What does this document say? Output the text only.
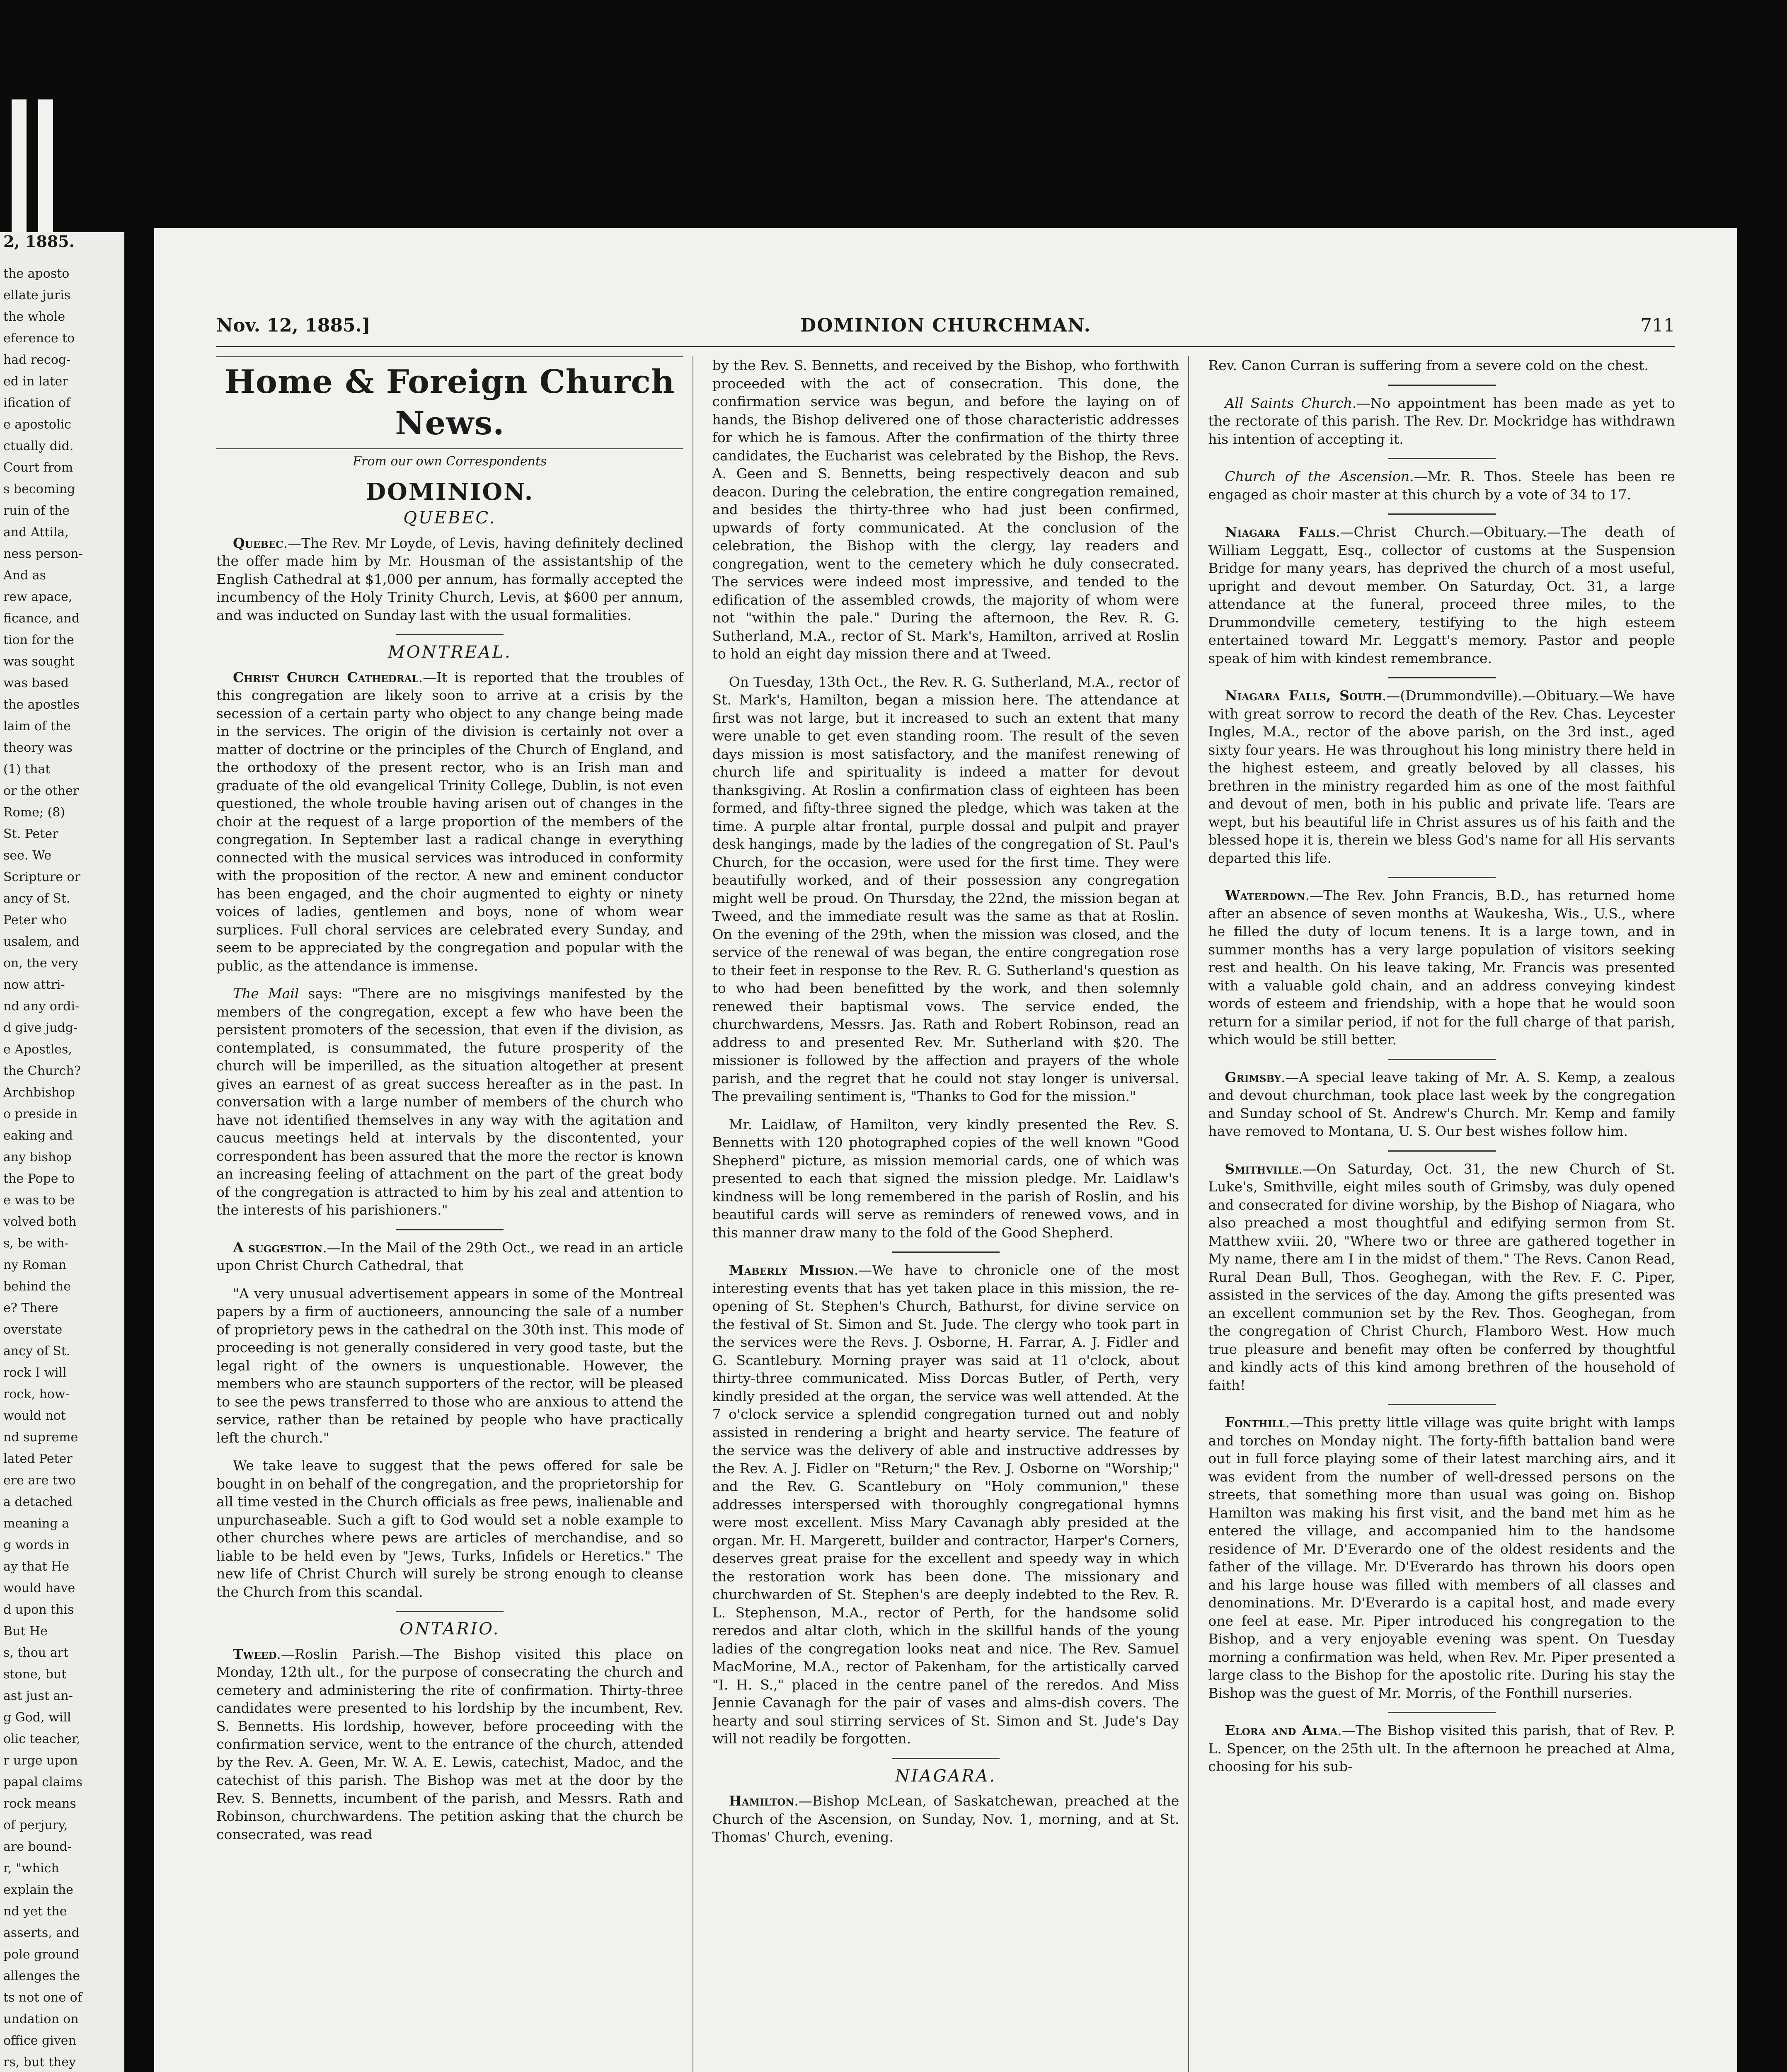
2, 1885.
the aposto
ellate juris
the whole
eference to
had recog-
ed in later
ification of
e apostolic
ctually did.
Court from
s becoming
ruin of the
and Attila,
ness person-
And as
rew apace,
ficance, and
tion for the
was sought
was based
the apostles
laim of the
theory was
(1) that
or the other
Rome; (8)
St. Peter
see. We
Scripture or
ancy of St.
Peter who
usalem, and
on, the very
now attri-
nd any ordi-
d give judg-
e Apostles,
the Church?
Archbishop
o preside in
eaking and
any bishop
the Pope to
e was to be
volved both
s, be with-
ny Roman
behind the
e? There
overstate
ancy of St.
rock I will
rock, how-
would not
nd supreme
lated Peter
ere are two
a detached
meaning a
g words in
ay that He
would have
d upon this
But He
s, thou art
stone, but
ast just an-
g God, will
olic teacher,
r urge upon
papal claims
rock means
of perjury,
are bound-
r, "which
explain the
nd yet the
asserts, and
pole ground
allenges the
ts not one of
undation on
office given
rs, but they

Nov. 12, 1885.]	DOMINION CHURCHMAN.	711
Home & Foreign Church News.
From our own Correspondents
DOMINION.
QUEBEC.

Quebec.—The Rev. Mr Loyde, of Levis, having definitely declined the offer made him by Mr. Housman of the assistantship of the English Cathedral at $1,000 per annum, has formally accepted the incumbency of the Holy Trinity Church, Levis, at $600 per annum, and was inducted on Sunday last with the usual formalities.

MONTREAL.

Christ Church Cathedral.—It is reported that the troubles of this congregation are likely soon to arrive at a crisis by the secession of a certain party who object to any change being made in the services. The origin of the division is certainly not over a matter of doctrine or the principles of the Church of England, and the orthodoxy of the present rector, who is an Irish man and graduate of the old evangelical Trinity College, Dublin, is not even questioned, the whole trouble having arisen out of changes in the choir at the request of a large proportion of the members of the congregation. In September last a radical change in everything connected with the musical services was introduced in conformity with the proposition of the rector. A new and eminent conductor has been engaged, and the choir augmented to eighty or ninety voices of ladies, gentlemen and boys, none of whom wear surplices. Full choral services are celebrated every Sunday, and seem to be appreciated by the congregation and popular with the public, as the attendance is immense.

The Mail says: "There are no misgivings manifested by the members of the congregation, except a few who have been the persistent promoters of the secession, that even if the division, as contemplated, is consummated, the future prosperity of the church will be imperilled, as the situation altogether at present gives an earnest of as great success hereafter as in the past. In conversation with a large number of members of the church who have not identified themselves in any way with the agitation and caucus meetings held at intervals by the discontented, your correspondent has been assured that the more the rector is known an increasing feeling of attachment on the part of the great body of the congregation is attracted to him by his zeal and attention to the interests of his parishioners."

A suggestion.—In the Mail of the 29th Oct., we read in an article upon Christ Church Cathedral, that

"A very unusual advertisement appears in some of the Montreal papers by a firm of auctioneers, announcing the sale of a number of proprietory pews in the cathedral on the 30th inst. This mode of proceeding is not generally considered in very good taste, but the legal right of the owners is unquestionable. However, the members who are staunch supporters of the rector, will be pleased to see the pews transferred to those who are anxious to attend the service, rather than be retained by people who have practically left the church."

We take leave to suggest that the pews offered for sale be bought in on behalf of the congregation, and the proprietorship for all time vested in the Church officials as free pews, inalienable and unpurchaseable. Such a gift to God would set a noble example to other churches where pews are articles of merchandise, and so liable to be held even by "Jews, Turks, Infidels or Heretics." The new life of Christ Church will surely be strong enough to cleanse the Church from this scandal.

ONTARIO.

Tweed.—Roslin Parish.—The Bishop visited this place on Monday, 12th ult., for the purpose of consecrating the church and cemetery and administering the rite of confirmation. Thirty-three candidates were presented to his lordship by the incumbent, Rev. S. Bennetts. His lordship, however, before proceeding with the confirmation service, went to the entrance of the church, attended by the Rev. A. Geen, Mr. W. A. E. Lewis, catechist, Madoc, and the catechist of this parish. The Bishop was met at the door by the Rev. S. Bennetts, incumbent of the parish, and Messrs. Rath and Robinson, churchwardens. The petition asking that the church be consecrated, was read

by the Rev. S. Bennetts, and received by the Bishop, who forthwith proceeded with the act of consecration. This done, the confirmation service was begun, and before the laying on of hands, the Bishop delivered one of those characteristic addresses for which he is famous. After the confirmation of the thirty three candidates, the Eucharist was celebrated by the Bishop, the Revs. A. Geen and S. Bennetts, being respectively deacon and sub deacon. During the celebration, the entire congregation remained, and besides the thirty-three who had just been confirmed, upwards of forty communicated. At the conclusion of the celebration, the Bishop with the clergy, lay readers and congregation, went to the cemetery which he duly consecrated. The services were indeed most impressive, and tended to the edification of the assembled crowds, the majority of whom were not "within the pale." During the afternoon, the Rev. R. G. Sutherland, M.A., rector of St. Mark's, Hamilton, arrived at Roslin to hold an eight day mission there and at Tweed.

On Tuesday, 13th Oct., the Rev. R. G. Sutherland, M.A., rector of St. Mark's, Hamilton, began a mission here. The attendance at first was not large, but it increased to such an extent that many were unable to get even standing room. The result of the seven days mission is most satisfactory, and the manifest renewing of church life and spirituality is indeed a matter for devout thanksgiving. At Roslin a confirmation class of eighteen has been formed, and fifty-three signed the pledge, which was taken at the time. A purple altar frontal, purple dossal and pulpit and prayer desk hangings, made by the ladies of the congregation of St. Paul's Church, for the occasion, were used for the first time. They were beautifully worked, and of their possession any congregation might well be proud. On Thursday, the 22nd, the mission began at Tweed, and the immediate result was the same as that at Roslin. On the evening of the 29th, when the mission was closed, and the service of the renewal of was began, the entire congregation rose to their feet in response to the Rev. R. G. Sutherland's question as to who had been benefitted by the work, and then solemnly renewed their baptismal vows. The service ended, the churchwardens, Messrs. Jas. Rath and Robert Robinson, read an address to and presented Rev. Mr. Sutherland with $20. The missioner is followed by the affection and prayers of the whole parish, and the regret that he could not stay longer is universal. The prevailing sentiment is, "Thanks to God for the mission."

Mr. Laidlaw, of Hamilton, very kindly presented the Rev. S. Bennetts with 120 photographed copies of the well known "Good Shepherd" picture, as mission memorial cards, one of which was presented to each that signed the mission pledge. Mr. Laidlaw's kindness will be long remembered in the parish of Roslin, and his beautiful cards will serve as reminders of renewed vows, and in this manner draw many to the fold of the Good Shepherd.

Maberly Mission.—We have to chronicle one of the most interesting events that has yet taken place in this mission, the re-opening of St. Stephen's Church, Bathurst, for divine service on the festival of St. Simon and St. Jude. The clergy who took part in the services were the Revs. J. Osborne, H. Farrar, A. J. Fidler and G. Scantlebury. Morning prayer was said at 11 o'clock, about thirty-three communicated. Miss Dorcas Butler, of Perth, very kindly presided at the organ, the service was well attended. At the 7 o'clock service a splendid congregation turned out and nobly assisted in rendering a bright and hearty service. The feature of the service was the delivery of able and instructive addresses by the Rev. A. J. Fidler on "Return;" the Rev. J. Osborne on "Worship;" and the Rev. G. Scantlebury on "Holy communion," these addresses interspersed with thoroughly congregational hymns were most excellent. Miss Mary Cavanagh ably presided at the organ. Mr. H. Margerett, builder and contractor, Harper's Corners, deserves great praise for the excellent and speedy way in which the restoration work has been done. The missionary and churchwarden of St. Stephen's are deeply indebted to the Rev. R. L. Stephenson, M.A., rector of Perth, for the handsome solid reredos and altar cloth, which in the skillful hands of the young ladies of the congregation looks neat and nice. The Rev. Samuel MacMorine, M.A., rector of Pakenham, for the artistically carved "I. H. S.," placed in the centre panel of the reredos. And Miss Jennie Cavanagh for the pair of vases and alms-dish covers. The hearty and soul stirring services of St. Simon and St. Jude's Day will not readily be forgotten.

NIAGARA.

Hamilton.—Bishop McLean, of Saskatchewan, preached at the Church of the Ascension, on Sunday, Nov. 1, morning, and at St. Thomas' Church, evening.

Rev. Canon Curran is suffering from a severe cold on the chest.

All Saints Church.—No appointment has been made as yet to the rectorate of this parish. The Rev. Dr. Mockridge has withdrawn his intention of accepting it.

Church of the Ascension.—Mr. R. Thos. Steele has been re engaged as choir master at this church by a vote of 34 to 17.

Niagara Falls.—Christ Church.—Obituary.—The death of William Leggatt, Esq., collector of customs at the Suspension Bridge for many years, has deprived the church of a most useful, upright and devout member. On Saturday, Oct. 31, a large attendance at the funeral, proceed three miles, to the Drummondville cemetery, testifying to the high esteem entertained toward Mr. Leggatt's memory. Pastor and people speak of him with kindest remembrance.

Niagara Falls, South.—(Drummondville).—Obituary.—We have with great sorrow to record the death of the Rev. Chas. Leycester Ingles, M.A., rector of the above parish, on the 3rd inst., aged sixty four years. He was throughout his long ministry there held in the highest esteem, and greatly beloved by all classes, his brethren in the ministry regarded him as one of the most faithful and devout of men, both in his public and private life. Tears are wept, but his beautiful life in Christ assures us of his faith and the blessed hope it is, therein we bless God's name for all His servants departed this life.

Waterdown.—The Rev. John Francis, B.D., has returned home after an absence of seven months at Waukesha, Wis., U.S., where he filled the duty of locum tenens. It is a large town, and in summer months has a very large population of visitors seeking rest and health. On his leave taking, Mr. Francis was presented with a valuable gold chain, and an address conveying kindest words of esteem and friendship, with a hope that he would soon return for a similar period, if not for the full charge of that parish, which would be still better.

Grimsby.—A special leave taking of Mr. A. S. Kemp, a zealous and devout churchman, took place last week by the congregation and Sunday school of St. Andrew's Church. Mr. Kemp and family have removed to Montana, U. S. Our best wishes follow him.

Smithville.—On Saturday, Oct. 31, the new Church of St. Luke's, Smithville, eight miles south of Grimsby, was duly opened and consecrated for divine worship, by the Bishop of Niagara, who also preached a most thoughtful and edifying sermon from St. Matthew xviii. 20, "Where two or three are gathered together in My name, there am I in the midst of them." The Revs. Canon Read, Rural Dean Bull, Thos. Geoghegan, with the Rev. F. C. Piper, assisted in the services of the day. Among the gifts presented was an excellent communion set by the Rev. Thos. Geoghegan, from the congregation of Christ Church, Flamboro West. How much true pleasure and benefit may often be conferred by thoughtful and kindly acts of this kind among brethren of the household of faith!

Fonthill.—This pretty little village was quite bright with lamps and torches on Monday night. The forty-fifth battalion band were out in full force playing some of their latest marching airs, and it was evident from the number of well-dressed persons on the streets, that something more than usual was going on. Bishop Hamilton was making his first visit, and the band met him as he entered the village, and accompanied him to the handsome residence of Mr. D'Everardo one of the oldest residents and the father of the village. Mr. D'Everardo has thrown his doors open and his large house was filled with members of all classes and denominations. Mr. D'Everardo is a capital host, and made every one feel at ease. Mr. Piper introduced his congregation to the Bishop, and a very enjoyable evening was spent. On Tuesday morning a confirmation was held, when Rev. Mr. Piper presented a large class to the Bishop for the apostolic rite. During his stay the Bishop was the guest of Mr. Morris, of the Fonthill nurseries.

Elora and Alma.—The Bishop visited this parish, that of Rev. P. L. Spencer, on the 25th ult. In the afternoon he preached at Alma, choosing for his sub-
